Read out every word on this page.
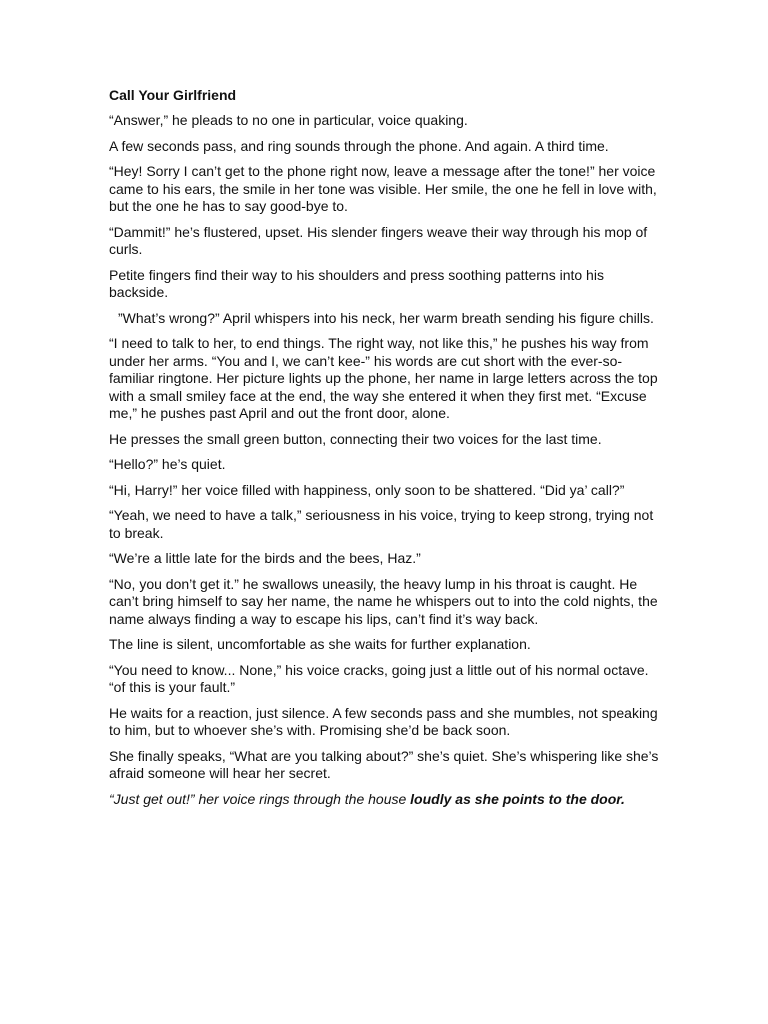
Call Your Girlfriend

“Answer,” he pleads to no one in particular, voice quaking.

A few seconds pass, and ring sounds through the phone. And again. A third time.

“Hey! Sorry I can’t get to the phone right now, leave a message after the tone!” her voice came to his ears, the smile in her tone was visible. Her smile, the one he fell in love with, but the one he has to say good-bye to.

“Dammit!” he’s flustered, upset. His slender fingers weave their way through his mop of curls.

Petite fingers find their way to his shoulders and press soothing patterns into his backside.

”What’s wrong?” April whispers into his neck, her warm breath sending his figure chills.

“I need to talk to her, to end things. The right way, not like this,” he pushes his way from under her arms. “You and I, we can’t kee-” his words are cut short with the ever-so-familiar ringtone. Her picture lights up the phone, her name in large letters across the top with a small smiley face at the end, the way she entered it when they first met. “Excuse me,” he pushes past April and out the front door, alone.

He presses the small green button, connecting their two voices for the last time.

“Hello?” he’s quiet.

“Hi, Harry!” her voice filled with happiness, only soon to be shattered. “Did ya’ call?”

“Yeah, we need to have a talk,” seriousness in his voice, trying to keep strong, trying not to break.

“We’re a little late for the birds and the bees, Haz.”

“No, you don’t get it.” he swallows uneasily, the heavy lump in his throat is caught. He can’t bring himself to say her name, the name he whispers out to into the cold nights, the name always finding a way to escape his lips, can’t find it’s way back.

The line is silent, uncomfortable as she waits for further explanation.

“You need to know... None,” his voice cracks, going just a little out of his normal octave. “of this is your fault.”

He waits for a reaction, just silence. A few seconds pass and she mumbles, not speaking to him, but to whoever she’s with. Promising she’d be back soon.

She finally speaks, “What are you talking about?” she’s quiet. She’s whispering like she’s afraid someone will hear her secret.

“Just get out!” her voice rings through the house loudly as she points to the door.
